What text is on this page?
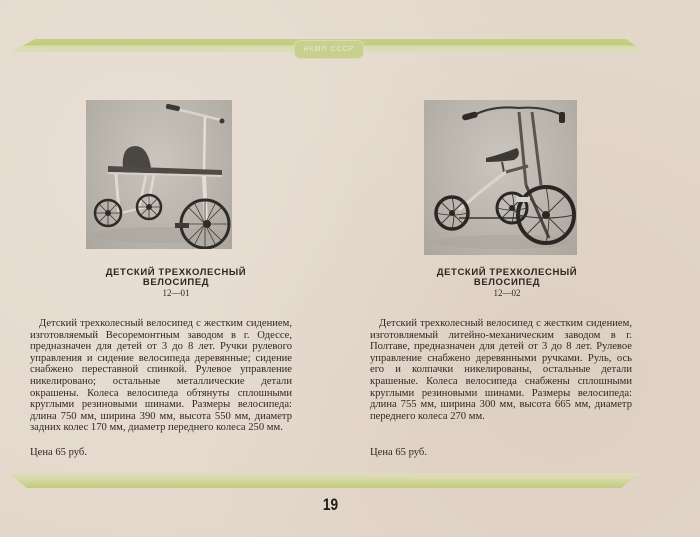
НКМП СССР
ДЕТСКИЙ ТРЕХКОЛЕСНЫЙ
ВЕЛОСИПЕД
12—01

Детский трехколесный велосипед с жестким сидением, изготовляемый Весоремонтным заводом в г. Одессе, предназначен для детей от 3 до 8 лет. Ручки рулевого управления и сидение велосипеда деревянные; сидение снабжено переставной спинкой. Рулевое управление никелировано; остальные металлические детали окрашены. Колеса велосипеда обтянуты сплошными круглыми резиновыми шинами. Размеры велосипеда: длина 750 мм, ширина 390 мм, высота 550 мм, диаметр задних колес 170 мм, диаметр переднего колеса 250 мм.

Цена 65 руб.
ДЕТСКИЙ ТРЕХКОЛЕСНЫЙ
ВЕЛОСИПЕД
12—02

Детский трехколесный велосипед с жестким сидением, изготовляемый литейно-механическим заводом в г. Полтаве, предназначен для детей от 3 до 8 лет. Рулевое управление снабжено деревянными ручками. Руль, ось его и колпачки никелированы, остальные детали крашеные. Колеса велосипеда снабжены сплошными круглыми резиновыми шинами. Размеры велосипеда: длина 755 мм, ширина 300 мм, высота 665 мм, диаметр переднего колеса 270 мм.

Цена 65 руб.
19
